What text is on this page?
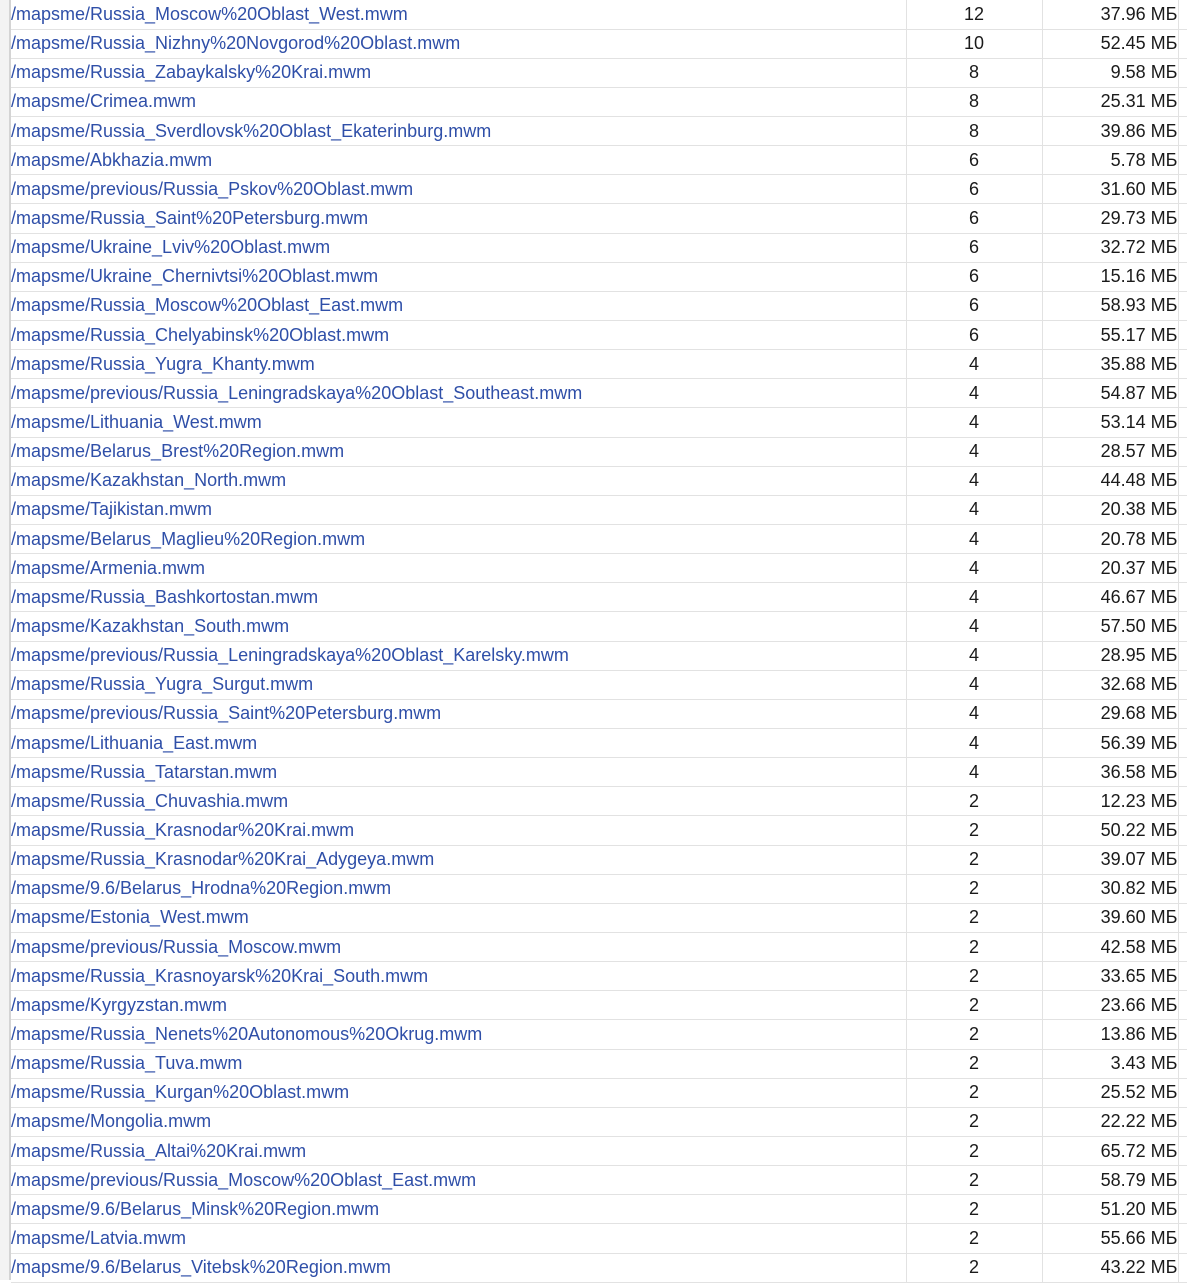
/mapsme/Russia_Moscow%20Oblast_West.mwm	12	37.96 МБ	
/mapsme/Russia_Nizhny%20Novgorod%20Oblast.mwm	10	52.45 МБ	
/mapsme/Russia_Zabaykalsky%20Krai.mwm	8	9.58 МБ	
/mapsme/Crimea.mwm	8	25.31 МБ	
/mapsme/Russia_Sverdlovsk%20Oblast_Ekaterinburg.mwm	8	39.86 МБ	
/mapsme/Abkhazia.mwm	6	5.78 МБ	
/mapsme/previous/Russia_Pskov%20Oblast.mwm	6	31.60 МБ	
/mapsme/Russia_Saint%20Petersburg.mwm	6	29.73 МБ	
/mapsme/Ukraine_Lviv%20Oblast.mwm	6	32.72 МБ	
/mapsme/Ukraine_Chernivtsi%20Oblast.mwm	6	15.16 МБ	
/mapsme/Russia_Moscow%20Oblast_East.mwm	6	58.93 МБ	
/mapsme/Russia_Chelyabinsk%20Oblast.mwm	6	55.17 МБ	
/mapsme/Russia_Yugra_Khanty.mwm	4	35.88 МБ	
/mapsme/previous/Russia_Leningradskaya%20Oblast_Southeast.mwm	4	54.87 МБ	
/mapsme/Lithuania_West.mwm	4	53.14 МБ	
/mapsme/Belarus_Brest%20Region.mwm	4	28.57 МБ	
/mapsme/Kazakhstan_North.mwm	4	44.48 МБ	
/mapsme/Tajikistan.mwm	4	20.38 МБ	
/mapsme/Belarus_Maglieu%20Region.mwm	4	20.78 МБ	
/mapsme/Armenia.mwm	4	20.37 МБ	
/mapsme/Russia_Bashkortostan.mwm	4	46.67 МБ	
/mapsme/Kazakhstan_South.mwm	4	57.50 МБ	
/mapsme/previous/Russia_Leningradskaya%20Oblast_Karelsky.mwm	4	28.95 МБ	
/mapsme/Russia_Yugra_Surgut.mwm	4	32.68 МБ	
/mapsme/previous/Russia_Saint%20Petersburg.mwm	4	29.68 МБ	
/mapsme/Lithuania_East.mwm	4	56.39 МБ	
/mapsme/Russia_Tatarstan.mwm	4	36.58 МБ	
/mapsme/Russia_Chuvashia.mwm	2	12.23 МБ	
/mapsme/Russia_Krasnodar%20Krai.mwm	2	50.22 МБ	
/mapsme/Russia_Krasnodar%20Krai_Adygeya.mwm	2	39.07 МБ	
/mapsme/9.6/Belarus_Hrodna%20Region.mwm	2	30.82 МБ	
/mapsme/Estonia_West.mwm	2	39.60 МБ	
/mapsme/previous/Russia_Moscow.mwm	2	42.58 МБ	
/mapsme/Russia_Krasnoyarsk%20Krai_South.mwm	2	33.65 МБ	
/mapsme/Kyrgyzstan.mwm	2	23.66 МБ	
/mapsme/Russia_Nenets%20Autonomous%20Okrug.mwm	2	13.86 МБ	
/mapsme/Russia_Tuva.mwm	2	3.43 МБ	
/mapsme/Russia_Kurgan%20Oblast.mwm	2	25.52 МБ	
/mapsme/Mongolia.mwm	2	22.22 МБ	
/mapsme/Russia_Altai%20Krai.mwm	2	65.72 МБ	
/mapsme/previous/Russia_Moscow%20Oblast_East.mwm	2	58.79 МБ	
/mapsme/9.6/Belarus_Minsk%20Region.mwm	2	51.20 МБ	
/mapsme/Latvia.mwm	2	55.66 МБ	
/mapsme/9.6/Belarus_Vitebsk%20Region.mwm	2	43.22 МБ	
